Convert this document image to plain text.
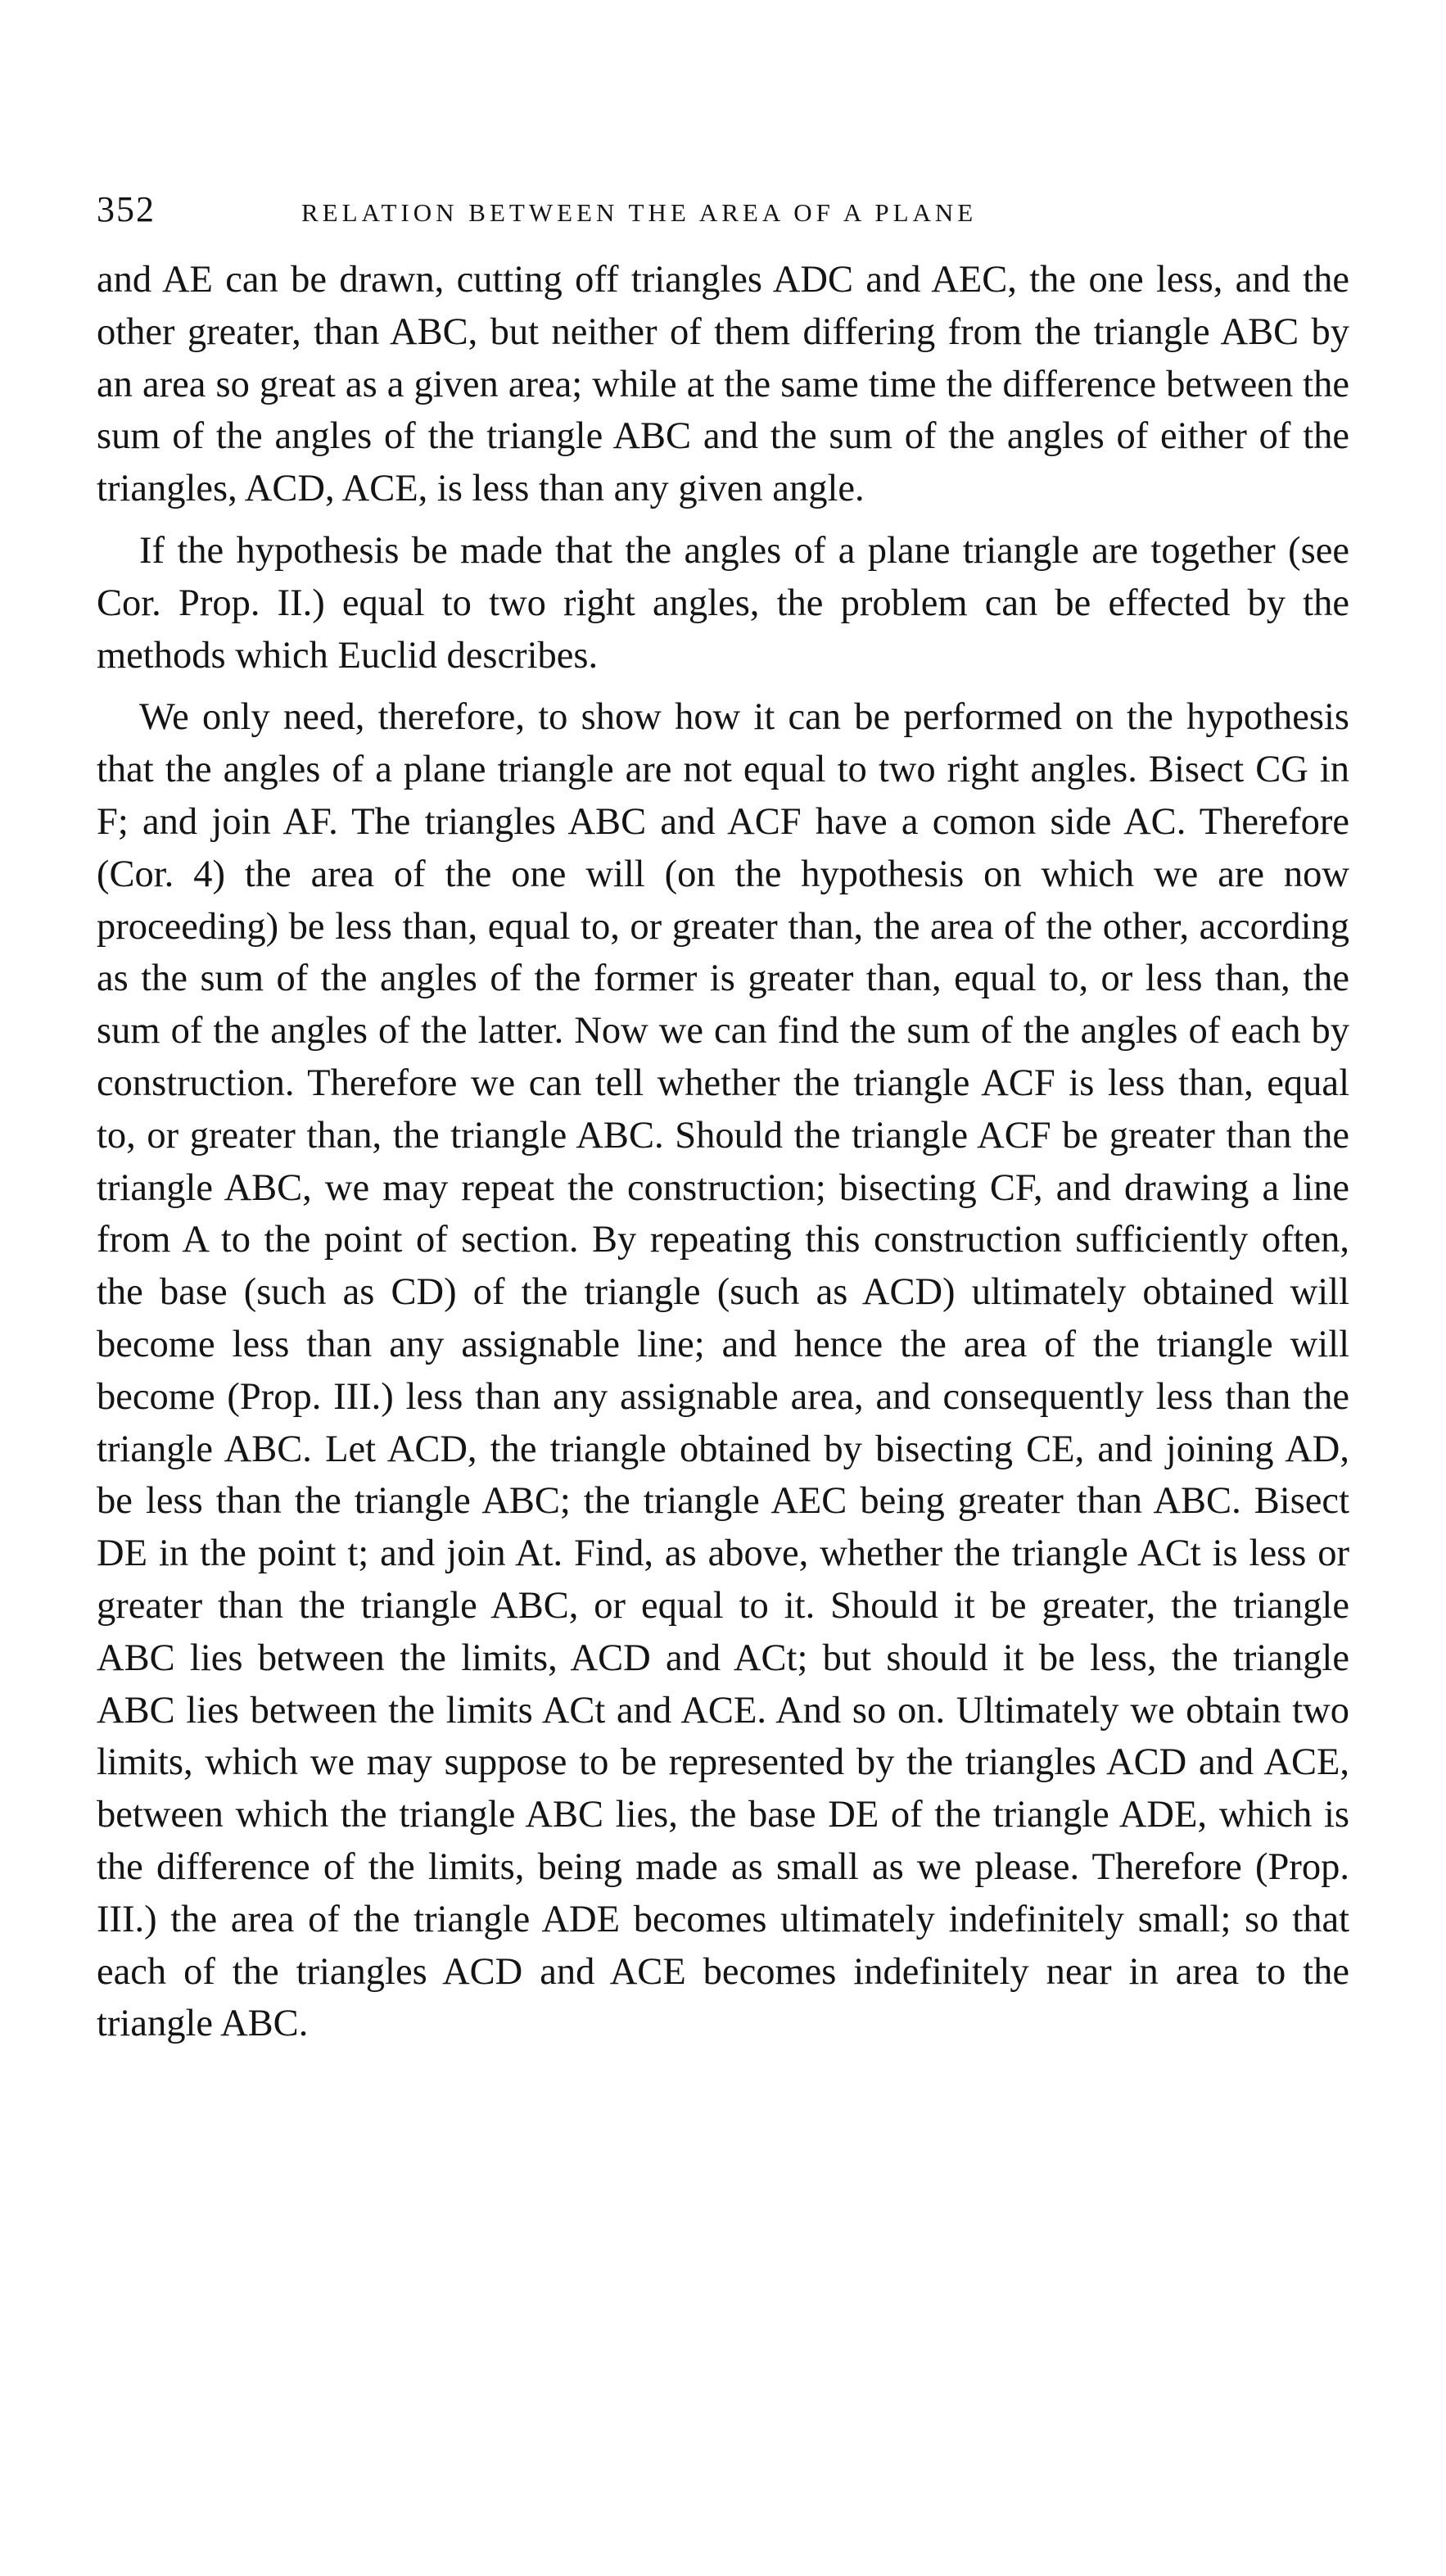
352	RELATION BETWEEN THE AREA OF A PLANE

and AE can be drawn, cutting off triangles ADC and AEC, the one less, and the other greater, than ABC, but neither of them differing from the triangle ABC by an area so great as a given area; while at the same time the difference between the sum of the angles of the triangle ABC and the sum of the angles of either of the triangles, ACD, ACE, is less than any given angle.

If the hypothesis be made that the angles of a plane triangle are together (see Cor. Prop. II.) equal to two right angles, the problem can be effected by the methods which Euclid describes.

We only need, therefore, to show how it can be performed on the hypothesis that the angles of a plane triangle are not equal to two right angles. Bisect CG in F; and join AF. The triangles ABC and ACF have a comon side AC. Therefore (Cor. 4) the area of the one will (on the hypothesis on which we are now proceeding) be less than, equal to, or greater than, the area of the other, according as the sum of the angles of the former is greater than, equal to, or less than, the sum of the angles of the latter. Now we can find the sum of the angles of each by construction. Therefore we can tell whether the triangle ACF is less than, equal to, or greater than, the triangle ABC. Should the triangle ACF be greater than the triangle ABC, we may repeat the construction; bisecting CF, and drawing a line from A to the point of section. By repeating this construction sufficiently often, the base (such as CD) of the triangle (such as ACD) ultimately obtained will become less than any assignable line; and hence the area of the triangle will become (Prop. III.) less than any assignable area, and consequently less than the triangle ABC. Let ACD, the triangle obtained by bisecting CE, and joining AD, be less than the triangle ABC; the triangle AEC being greater than ABC. Bisect DE in the point t; and join At. Find, as above, whether the triangle ACt is less or greater than the triangle ABC, or equal to it. Should it be greater, the triangle ABC lies between the limits, ACD and ACt; but should it be less, the triangle ABC lies between the limits ACt and ACE. And so on. Ultimately we obtain two limits, which we may suppose to be represented by the triangles ACD and ACE, between which the triangle ABC lies, the base DE of the triangle ADE, which is the difference of the limits, being made as small as we please. Therefore (Prop. III.) the area of the triangle ADE becomes ultimately indefinitely small; so that each of the triangles ACD and ACE becomes indefinitely near in area to the triangle ABC.
